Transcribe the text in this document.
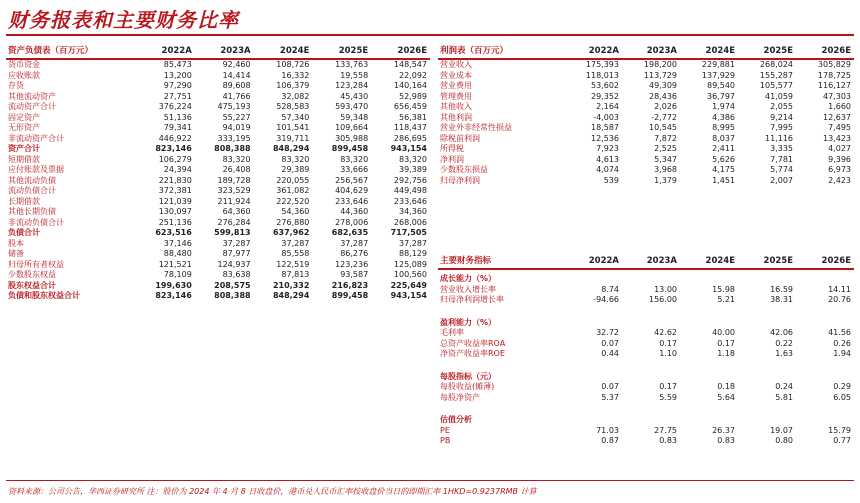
财务报表和主要财务比率
资产负债表（百万元）	2022A	2023A	2024E	2025E	2026E
货币资金	85,473	92,460	108,726	133,763	148,547
应收账款	13,200	14,414	16,332	19,558	22,092
存货	97,290	89,608	106,379	123,284	140,164
其他流动资产	27,751	41,766	32,082	45,430	52,989
流动资产合计	376,224	475,193	528,583	593,470	656,459
固定资产	51,136	55,227	57,340	59,348	56,381
无形资产	79,341	94,019	101,541	109,664	118,437
非流动资产合计	446,922	333,195	319,711	305,988	286,695
资产合计	823,146	808,388	848,294	899,458	943,154
短期借款	106,279	83,320	83,320	83,320	83,320
应付账款及票据	24,394	26,408	29,389	33,666	39,389
其他流动负债	221,830	189,728	220,055	256,567	292,756
流动负债合计	372,381	323,529	361,082	404,629	449,498
长期借款	121,039	211,924	222,520	233,646	233,646
其他长期负债	130,097	64,360	54,360	44,360	34,360
非流动负债合计	251,136	276,284	276,880	278,006	268,006
负债合计	623,516	599,813	637,962	682,635	717,505
股本	37,146	37,287	37,287	37,287	37,287
储备	88,480	87,977	85,558	86,276	88,129
归母所有者权益	121,521	124,937	122,519	123,236	125,089
少数股东权益	78,109	83,638	87,813	93,587	100,560
股东权益合计	199,630	208,575	210,332	216,823	225,649
负债和股东权益合计	823,146	808,388	848,294	899,458	943,154
利润表（百万元）	2022A	2023A	2024E	2025E	2026E
营业收入	175,393	198,200	229,881	268,024	305,829
营业成本	118,013	113,729	137,929	155,287	178,725
营业费用	53,602	49,309	89,540	105,577	116,127
管理费用	29,352	28,436	36,797	41,059	47,303
其他收入	2,164	2,026	1,974	2,055	1,660
其他利润	-4,003	-2,772	4,386	9,214	12,637
营业外非经常性损益	18,587	10,545	8,995	7,995	7,495
除税前利润	12,536	7,872	8,037	11,116	13,423
所得税	7,923	2,525	2,411	3,335	4,027
净利润	4,613	5,347	5,626	7,781	9,396
少数股东损益	4,074	3,968	4,175	5,774	6,973
归母净利润	539	1,379	1,451	2,007	2,423
主要财务指标	2022A	2023A	2024E	2025E	2026E
成长能力（%）					
营业收入增长率	8.74	13.00	15.98	16.59	14.11
归母净利润增长率	-94.66	156.00	5.21	38.31	20.76

盈利能力（%）					
毛利率	32.72	42.62	40.00	42.06	41.56
总资产收益率ROA	0.07	0.17	0.17	0.22	0.26
净资产收益率ROE	0.44	1.10	1.18	1.63	1.94

每股指标（元）					
每股收益(摊薄)	0.07	0.17	0.18	0.24	0.29
每股净资产	5.37	5.59	5.64	5.81	6.05

估值分析					
PE	71.03	27.75	26.37	19.07	15.79
PB	0.87	0.83	0.83	0.80	0.77
资料来源：公司公告，华西证券研究所 注：股价为 2024 年 4 月 8 日收盘价，港币兑人民币汇率按收盘价当日的即期汇率 1HKD=0.9237RMB 计算
